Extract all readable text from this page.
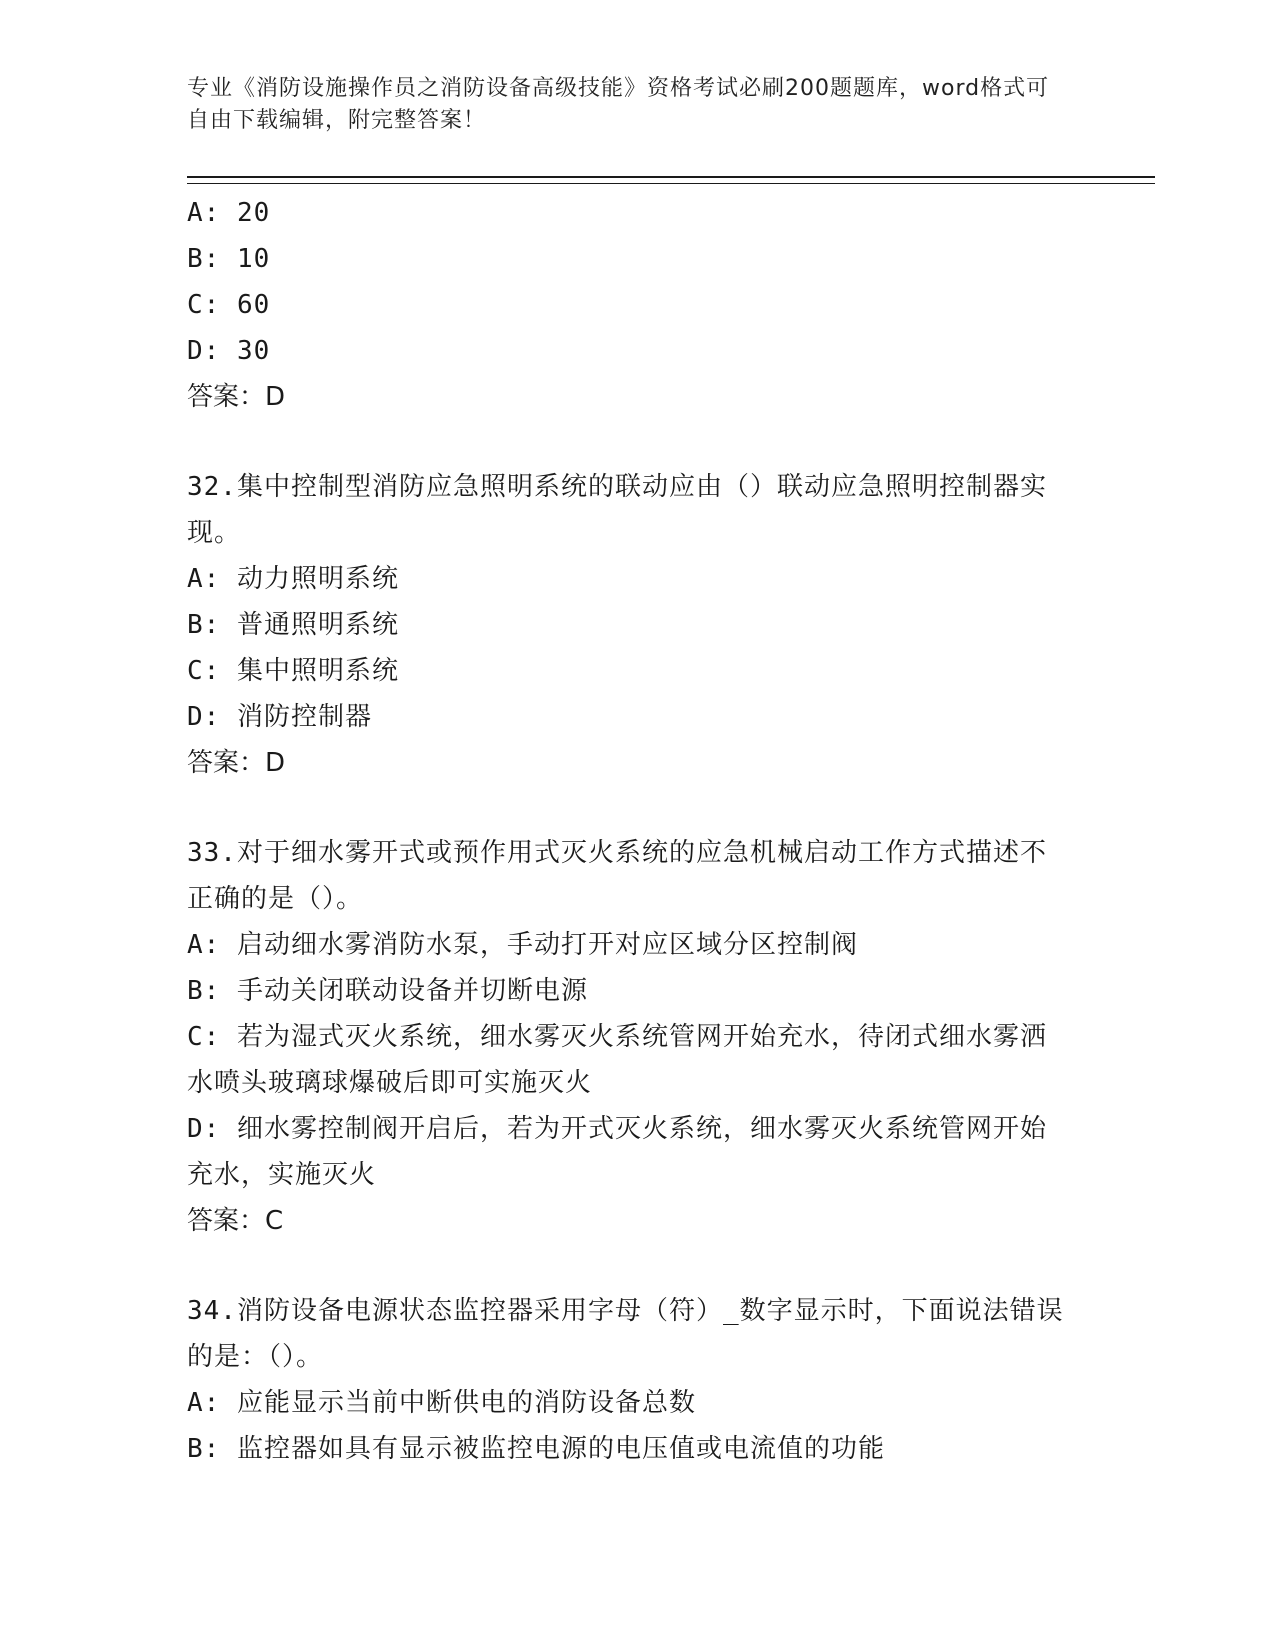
专业《消防设施操作员之消防设备高级技能》资格考试必刷200题题库，word格式可自由下载编辑，附完整答案！
A: 20
B: 10
C: 60
D: 30
答案：D
32.集中控制型消防应急照明系统的联动应由（）联动应急照明控制器实现。
A: 动力照明系统
B: 普通照明系统
C: 集中照明系统
D: 消防控制器
答案：D
33.对于细水雾开式或预作用式灭火系统的应急机械启动工作方式描述不正确的是（）。
A: 启动细水雾消防水泵，手动打开对应区域分区控制阀
B: 手动关闭联动设备并切断电源
C: 若为湿式灭火系统，细水雾灭火系统管网开始充水，待闭式细水雾洒水喷头玻璃球爆破后即可实施灭火
D: 细水雾控制阀开启后，若为开式灭火系统，细水雾灭火系统管网开始充水，实施灭火
答案：C
34.消防设备电源状态监控器采用字母（符）_数字显示时，下面说法错误的是：（）。
A: 应能显示当前中断供电的消防设备总数
B: 监控器如具有显示被监控电源的电压值或电流值的功能
